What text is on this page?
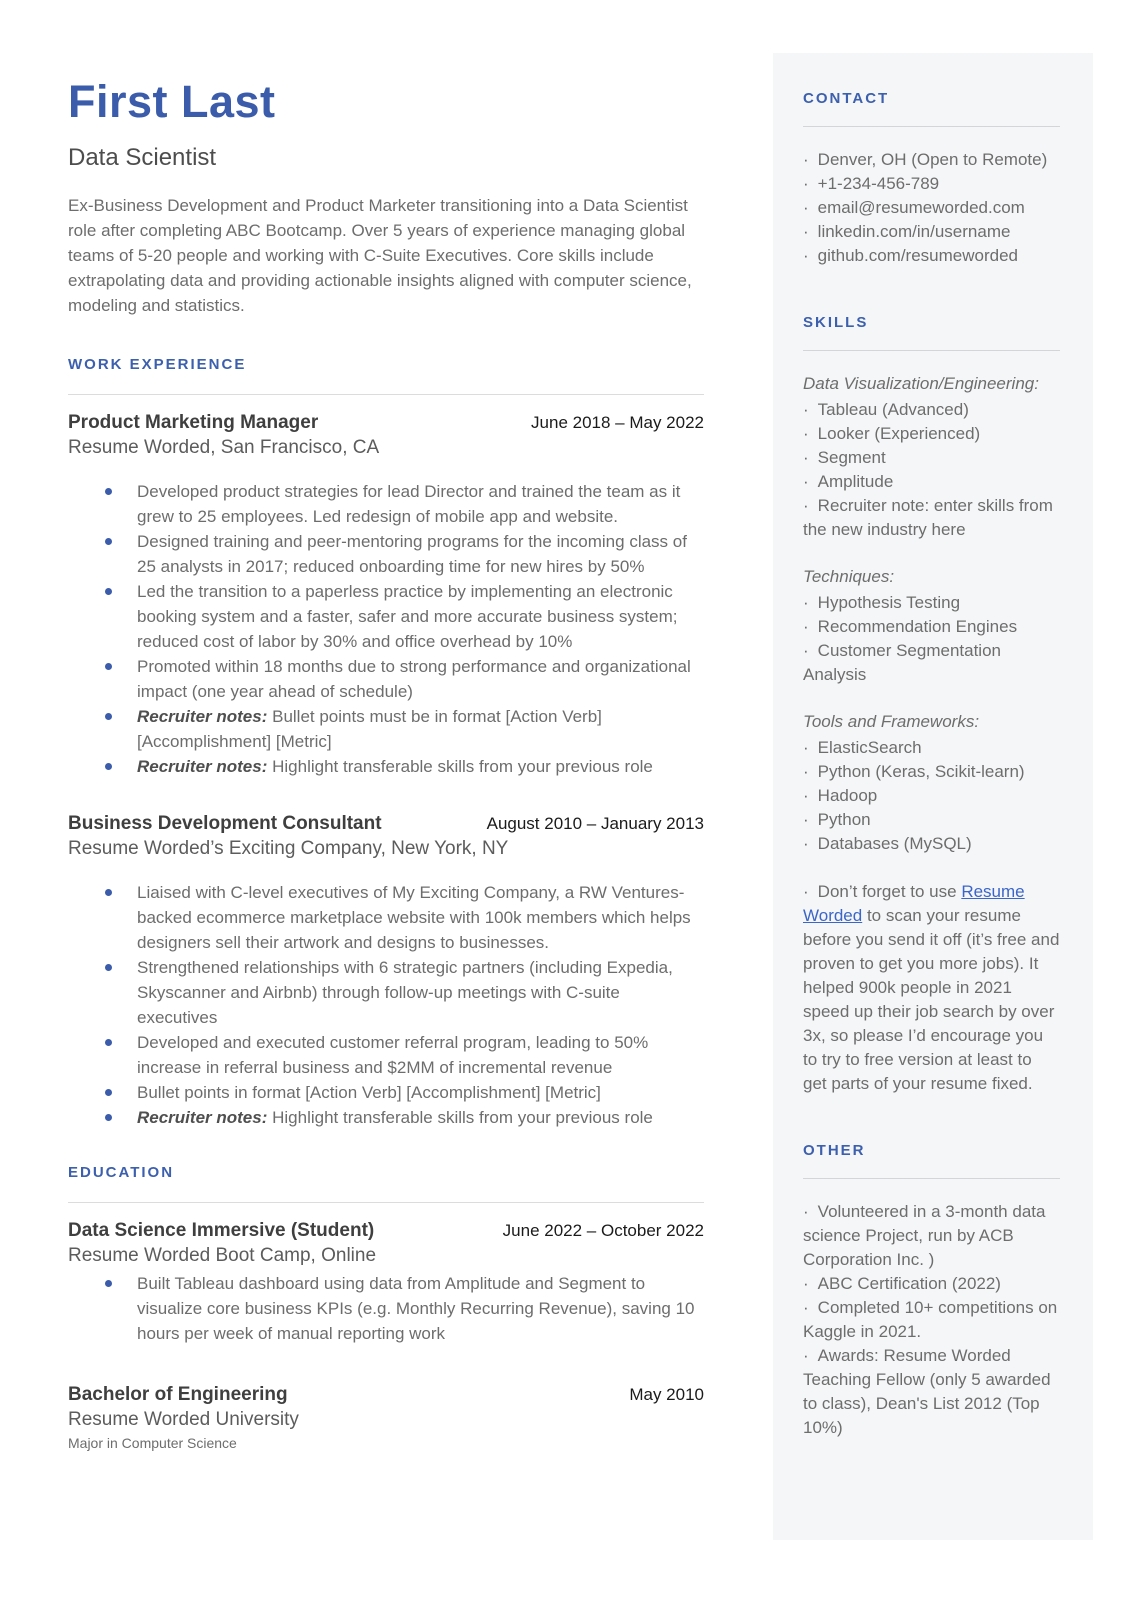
First Last
Data Scientist

Ex-Business Development and Product Marketer transitioning into a Data Scientist role after completing ABC Bootcamp. Over 5 years of experience managing global teams of 5-20 people and working with C-Suite Executives. Core skills include extrapolating data and providing actionable insights aligned with computer science, modeling and statistics.

WORK EXPERIENCE
Product Marketing Manager	June 2018 – May 2022
Resume Worded, San Francisco, CA
Developed product strategies for lead Director and trained the team as it grew to 25 employees. Led redesign of mobile app and website.
Designed training and peer-mentoring programs for the incoming class of 25 analysts in 2017; reduced onboarding time for new hires by 50%
Led the transition to a paperless practice by implementing an electronic booking system and a faster, safer and more accurate business system; reduced cost of labor by 30% and office overhead by 10%
Promoted within 18 months due to strong performance and organizational impact (one year ahead of schedule)
Recruiter notes: Bullet points must be in format [Action Verb] [Accomplishment] [Metric]
Recruiter notes: Highlight transferable skills from your previous role
Business Development Consultant	August 2010 – January 2013
Resume Worded’s Exciting Company, New York, NY
Liaised with C-level executives of My Exciting Company, a RW Ventures-backed ecommerce marketplace website with 100k members which helps designers sell their artwork and designs to businesses.
Strengthened relationships with 6 strategic partners (including Expedia, Skyscanner and Airbnb) through follow-up meetings with C-suite executives
Developed and executed customer referral program, leading to 50% increase in referral business and $2MM of incremental revenue
Bullet points in format [Action Verb] [Accomplishment] [Metric]
Recruiter notes: Highlight transferable skills from your previous role
EDUCATION
Data Science Immersive (Student)	June 2022 – October 2022
Resume Worded Boot Camp, Online
Built Tableau dashboard using data from Amplitude and Segment to visualize core business KPIs (e.g. Monthly Recurring Revenue), saving 10 hours per week of manual reporting work
Bachelor of Engineering	May 2010
Resume Worded University
Major in Computer Science
CONTACT
· Denver, OH (Open to Remote)
· +1-234-456-789
· email@resumeworded.com
· linkedin.com/in/username
· github.com/resumeworded
SKILLS
Data Visualization/Engineering:
· Tableau (Advanced)
· Looker (Experienced)
· Segment
· Amplitude
· Recruiter note: enter skills from the new industry here
Techniques:
· Hypothesis Testing
· Recommendation Engines
· Customer Segmentation Analysis
Tools and Frameworks:
· ElasticSearch
· Python (Keras, Scikit-learn)
· Hadoop
· Python
· Databases (MySQL)

· Don’t forget to use Resume Worded to scan your resume before you send it off (it’s free and proven to get you more jobs). It helped 900k people in 2021 speed up their job search by over 3x, so please I’d encourage you to try to free version at least to get parts of your resume fixed.

OTHER
· Volunteered in a 3-month data science Project, run by ACB Corporation Inc. )
· ABC Certification (2022)
· Completed 10+ competitions on Kaggle in 2021.
· Awards: Resume Worded Teaching Fellow (only 5 awarded to class), Dean's List 2012 (Top 10%)
